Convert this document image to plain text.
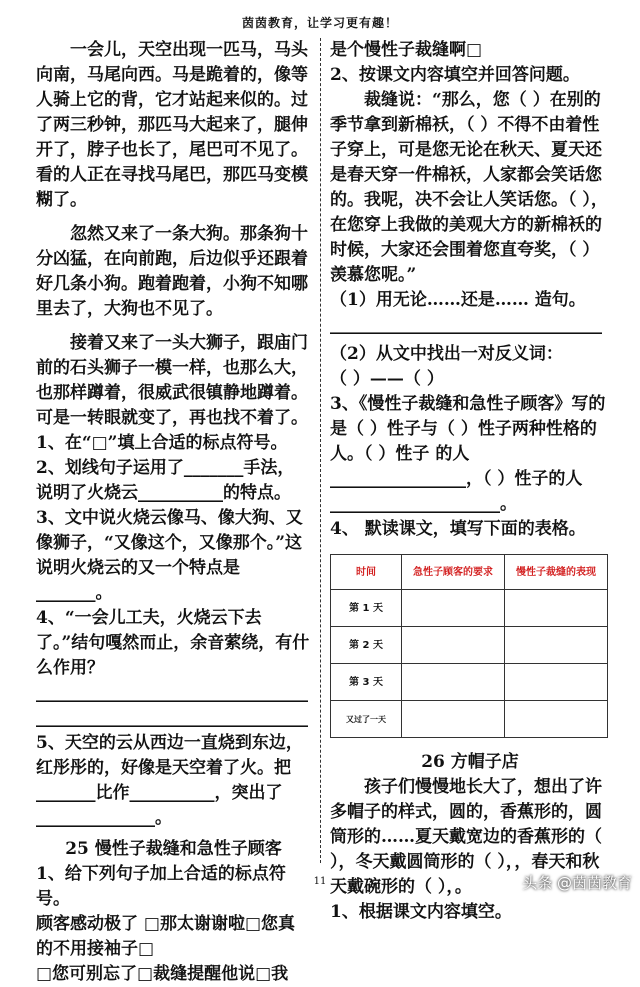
茵茵教育，让学习更有趣！

一会儿，天空出现一匹马，马头向南，马尾向西。马是跪着的，像等人骑上它的背，它才站起来似的。过了两三秒钟，那匹马大起来了，腿伸开了，脖子也长了，尾巴可不见了。看的人正在寻找马尾巴，那匹马变模糊了。

忽然又来了一条大狗。那条狗十分凶猛，在向前跑，后边似乎还跟着好几条小狗。跑着跑着，小狗不知哪里去了，大狗也不见了。

接着又来了一头大狮子，跟庙门前的石头狮子一模一样，也那么大，也那样蹲着，很威武很镇静地蹲着。可是一转眼就变了，再也找不着了。

1、在“□”填上合适的标点符号。

2、划线句子运用了_______手法，说明了火烧云__________的特点。

3、文中说火烧云像马、像大狗、又像狮子，“又像这个，又像那个。”这说明火烧云的又一个特点是_______。

4、“一会儿工夫，火烧云下去了。”结句嘎然而止，余音萦绕，有什么作用？

________________________________

________________________________

5、天空的云从西边一直烧到东边，红彤彤的，好像是天空着了火。把_______比作__________，突出了______________。

25 慢性子裁缝和急性子顾客

1、给下列句子加上合适的标点符号。

顾客感动极了 □那太谢谢啦□您真的不用接袖子□

□您可别忘了□裁缝提醒他说□我

是个慢性子裁缝啊□

2、按课文内容填空并回答问题。

裁缝说：“那么，您（ ）在别的季节拿到新棉袄，（ ）不得不由着性子穿上，可是您无论在秋天、夏天还是春天穿一件棉袄，人家都会笑话您的。我呢，决不会让人笑话您。（ ），在您穿上我做的美观大方的新棉袄的时候，大家还会围着您直夸奖，（ ）羡慕您呢。”

（1）用无论……还是…… 造句。

________________________________

（2）从文中找出一对反义词：

（ ）——（ ）

3、《慢性子裁缝和急性子顾客》写的是（ ）性子与（ ）性子两种性格的人。（ ）性子 的人________________，（ ）性子的人____________________。

4、 默读课文，填写下面的表格。

时间	急性子顾客的要求	慢性子裁缝的表现
第 1 天		
第 2 天		
第 3 天		
又过了一天		

26 方帽子店

孩子们慢慢地长大了，想出了许多帽子的样式，圆的，香蕉形的，圆筒形的……夏天戴宽边的香蕉形的（ ），冬天戴圆筒形的（ ），，春天和秋天戴碗形的（ ），。

1、根据课文内容填空。

11	头条 @茵茵教育
